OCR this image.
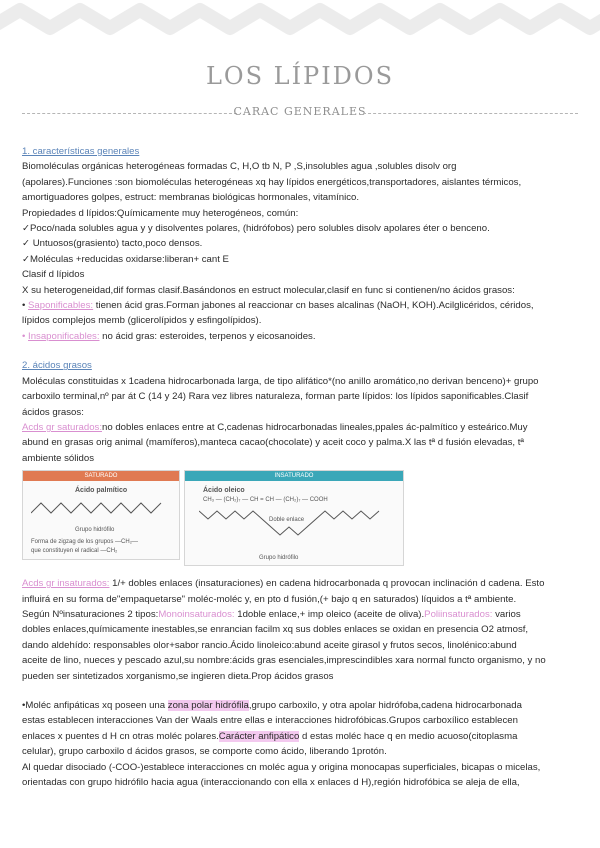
LOS LÍPIDOS
CARAC GENERALES

1. características generales

Biomoléculas orgánicas heterogéneas formadas C, H,O tb N, P ,S,insolubles agua ,solubles disolv org

(apolares).Funciones :son biomoléculas heterogéneas xq hay lípidos energéticos,transportadores, aislantes térmicos,

amortiguadores golpes, estruct: membranas biológicas hormonales, vitamínico.

Propiedades d lípidos:Químicamente muy heterogéneos, común:

✓Poco/nada solubles agua y y disolventes polares, (hidrófobos) pero solubles disolv apolares éter o benceno.

✓ Untuosos(grasiento) tacto,poco densos.

✓Moléculas +reducidas oxidarse:liberan+ cant E

Clasif d lípidos

X su heterogeneidad,dif formas clasif.Basándonos en estruct molecular,clasif en func si contienen/no ácidos grasos:

• Saponificables: tienen ácid gras.Forman jabones al reaccionar cn bases alcalinas (NaOH, KOH).Acilglicéridos, céridos,

lípidos complejos memb (glicerolípidos y esfingolípidos).

• Insaponificables: no ácid gras: esteroides, terpenos y eicosanoides.

2. ácidos grasos

Moléculas constituidas x 1cadena hidrocarbonada larga, de tipo alifático*(no anillo aromático,no derivan benceno)+ grupo

carboxilo terminal,nº par át C (14 y 24) Rara vez libres naturaleza, forman parte lípidos: los lípidos saponificables.Clasif

ácidos grasos:

Acds gr saturados:no dobles enlaces entre at C,cadenas hidrocarbonadas lineales,ppales ác-palmítico y esteárico.Muy

abund en grasas orig animal (mamíferos),manteca cacao(chocolate) y aceit coco y palma.X las tª d fusión elevadas, tª

ambiente sólidos

SATURADO
Ácido palmítico
Grupo hidrófilo
Forma de zigzag de los grupos —CH₂—
que constituyen el radical —CH₂
INSATURADO
Ácido oleico
CH₃ — (CH₂)₇ — CH = CH — (CH₂)₇ — COOH
Doble enlace
Grupo hidrófilo

Acds gr insaturados: 1/+ dobles enlaces (insaturaciones) en cadena hidrocarbonada q provocan inclinación d cadena. Esto

influirá en su forma de"empaquetarse" moléc-moléc y, en pto d fusión,(+ bajo q en saturados) líquidos a tª ambiente.

Según Nºinsaturaciones 2 tipos:Monoinsaturados: 1doble enlace,+ imp oleico (aceite de oliva).Poliinsaturados: varios

dobles enlaces,químicamente inestables,se enrancian facilm xq sus dobles enlaces se oxidan en presencia O2 atmosf,

dando aldehído: responsables olor+sabor rancio.Ácido linoleico:abund aceite girasol y frutos secos, linolénico:abund

aceite de lino, nueces y pescado azul,su nombre:ácids gras esenciales,imprescindibles xara normal functo organismo, y no

pueden ser sintetizados xorganismo,se ingieren dieta.Prop ácidos grasos

•Moléc anfipáticas xq poseen una zona polar hidrófila,grupo carboxilo, y otra apolar hidrófoba,cadena hidrocarbonada

estas establecen interacciones Van der Waals entre ellas e interacciones hidrofóbicas.Grupos carboxílico establecen

enlaces x puentes d H cn otras moléc polares.Carácter anfipático d estas moléc hace q en medio acuoso(citoplasma

celular), grupo carboxilo d ácidos grasos, se comporte como ácido, liberando 1protón.

Al quedar disociado (-COO-)establece interacciones cn moléc agua y origina monocapas superficiales, bicapas o micelas,

orientadas con grupo hidrófilo hacia agua (interaccionando con ella x enlaces d H),región hidrofóbica se aleja de ella,
